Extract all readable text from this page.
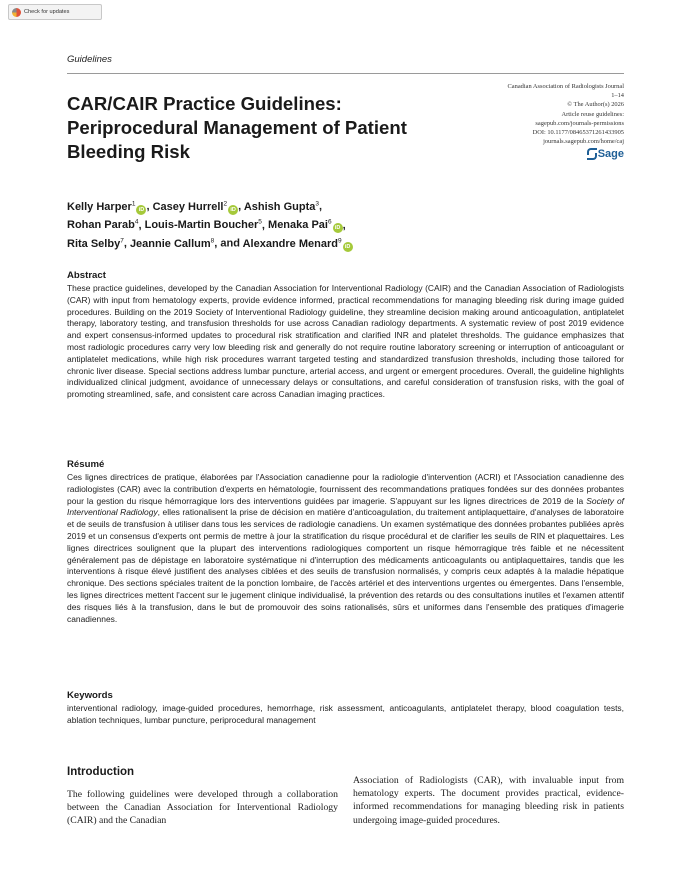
Check for updates
Guidelines
CAR/CAIR Practice Guidelines: Periprocedural Management of Patient Bleeding Risk
Canadian Association of Radiologists Journal
1–14
© The Author(s) 2026
Article reuse guidelines:
sagepub.com/journals-permissions
DOI: 10.1177/08465371261433905
journals.sagepub.com/home/caj
Sage
Kelly Harper$^1$iD , Casey Hurrell$^2$iD , Ashish Gupta$^3$,
Rohan Parab$^4$, Louis-Martin Boucher$^5$, Menaka Pai$^6$iD ,
Rita Selby$^7$, Jeannie Callum$^8$, and Alexandre Menard$^9$iD
Abstract

These practice guidelines, developed by the Canadian Association for Interventional Radiology (CAIR) and the Canadian Association of Radiologists (CAR) with input from hematology experts, provide evidence informed, practical recommendations for managing bleeding risk during image guided procedures. Building on the 2019 Society of Interventional Radiology guideline, they streamline decision making around anticoagulation, antiplatelet therapy, laboratory testing, and transfusion thresholds for use across Canadian radiology departments. A systematic review of post 2019 evidence and expert consensus-informed updates to procedural risk stratification and clarified INR and platelet thresholds. The guidance emphasizes that most radiologic procedures carry very low bleeding risk and generally do not require routine laboratory screening or interruption of anticoagulant or antiplatelet medications, while high risk procedures warrant targeted testing and standardized transfusion thresholds, including those tailored for chronic liver disease. Special sections address lumbar puncture, arterial access, and urgent or emergent procedures. Overall, the guideline highlights individualized clinical judgment, avoidance of unnecessary delays or consultations, and careful consideration of transfusion risks, with the goal of promoting streamlined, safe, and consistent care across Canadian imaging practices.

Résumé

Ces lignes directrices de pratique, élaborées par l'Association canadienne pour la radiologie d'intervention (ACRI) et l'Association canadienne des radiologistes (CAR) avec la contribution d'experts en hématologie, fournissent des recommandations pratiques fondées sur des données probantes pour la gestion du risque hémorragique lors des interventions guidées par imagerie. S'appuyant sur les lignes directrices de 2019 de la Society of Interventional Radiology, elles rationalisent la prise de décision en matière d'anticoagulation, du traitement antiplaquettaire, d'analyses de laboratoire et de seuils de transfusion à utiliser dans tous les services de radiologie canadiens. Un examen systématique des données probantes publiées après 2019 et un consensus d'experts ont permis de mettre à jour la stratification du risque procédural et de clarifier les seuils de RIN et plaquettaires. Les lignes directrices soulignent que la plupart des interventions radiologiques comportent un risque hémorragique très faible et ne nécessitent généralement pas de dépistage en laboratoire systématique ni d'interruption des médicaments anticoagulants ou antiplaquettaires, tandis que les interventions à risque élevé justifient des analyses ciblées et des seuils de transfusion normalisés, y compris ceux adaptés à la maladie hépatique chronique. Des sections spéciales traitent de la ponction lombaire, de l'accès artériel et des interventions urgentes ou émergentes. Dans l'ensemble, les lignes directrices mettent l'accent sur le jugement clinique individualisé, la prévention des retards ou des consultations inutiles et l'examen attentif des risques liés à la transfusion, dans le but de promouvoir des soins rationalisés, sûrs et uniformes dans l'ensemble des pratiques d'imagerie canadiennes.

Keywords

interventional radiology, image-guided procedures, hemorrhage, risk assessment, anticoagulants, antiplatelet therapy, blood coagulation tests, ablation techniques, lumbar puncture, periprocedural management

Introduction

The following guidelines were developed through a collaboration between the Canadian Association for Interventional Radiology (CAIR) and the Canadian

Association of Radiologists (CAR), with invaluable input from hematology experts. The document provides practical, evidence-informed recommendations for managing bleeding risk in patients undergoing image-guided procedures.
